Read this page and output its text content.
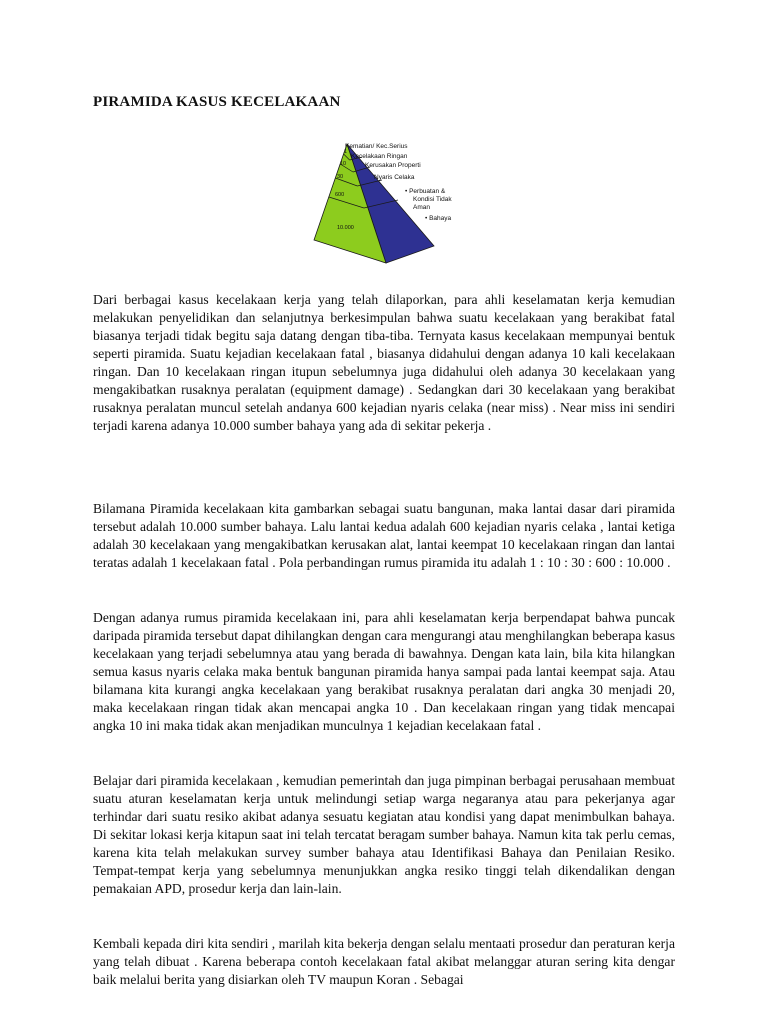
PIRAMIDA KASUS KECELAKAAN
1
10
30
600
10.000
Kematian/ Kec.Serius
Kecelakaan Ringan
Kerusakan Properti
Nyaris Celaka
• Perbuatan &
Kondisi Tidak
Aman
• Bahaya

Dari berbagai kasus kecelakaan kerja yang telah dilaporkan, para ahli keselamatan kerja kemudian melakukan penyelidikan dan selanjutnya berkesimpulan bahwa suatu kecelakaan yang berakibat fatal biasanya terjadi tidak begitu saja datang dengan tiba-tiba. Ternyata kasus kecelakaan mempunyai bentuk seperti piramida. Suatu kejadian kecelakaan fatal , biasanya didahului dengan adanya 10 kali kecelakaan ringan. Dan 10 kecelakaan ringan itupun sebelumnya juga didahului oleh adanya 30 kecelakaan yang mengakibatkan rusaknya peralatan (equipment damage) . Sedangkan dari 30 kecelakaan yang berakibat rusaknya peralatan muncul setelah andanya 600 kejadian nyaris celaka (near miss) . Near miss ini sendiri terjadi karena adanya 10.000 sumber bahaya yang ada di sekitar pekerja .

Bilamana Piramida kecelakaan kita gambarkan sebagai suatu bangunan, maka lantai dasar dari piramida tersebut adalah 10.000 sumber bahaya. Lalu lantai kedua adalah 600 kejadian nyaris celaka , lantai ketiga adalah 30 kecelakaan yang mengakibatkan kerusakan alat, lantai keempat 10 kecelakaan ringan dan lantai teratas adalah 1 kecelakaan fatal . Pola perbandingan rumus piramida itu adalah 1 : 10 : 30 : 600 : 10.000 .

Dengan adanya rumus piramida kecelakaan ini, para ahli keselamatan kerja berpendapat bahwa puncak daripada piramida tersebut dapat dihilangkan dengan cara mengurangi atau menghilangkan beberapa kasus kecelakaan yang terjadi sebelumnya atau yang berada di bawahnya. Dengan kata lain, bila kita hilangkan semua kasus nyaris celaka maka bentuk bangunan piramida hanya sampai pada lantai keempat saja. Atau bilamana kita kurangi angka kecelakaan yang berakibat rusaknya peralatan dari angka 30 menjadi 20, maka kecelakaan ringan tidak akan mencapai angka 10 . Dan kecelakaan ringan yang tidak mencapai angka 10 ini maka tidak akan menjadikan munculnya 1 kejadian kecelakaan fatal .

Belajar dari piramida kecelakaan , kemudian pemerintah dan juga pimpinan berbagai perusahaan membuat suatu aturan keselamatan kerja untuk melindungi setiap warga negaranya atau para pekerjanya agar terhindar dari suatu resiko akibat adanya sesuatu kegiatan atau kondisi yang dapat menimbulkan bahaya. Di sekitar lokasi kerja kitapun saat ini telah tercatat beragam sumber bahaya. Namun kita tak perlu cemas, karena kita telah melakukan survey sumber bahaya atau Identifikasi Bahaya dan Penilaian Resiko. Tempat-tempat kerja yang sebelumnya menunjukkan angka resiko tinggi telah dikendalikan dengan pemakaian APD, prosedur kerja dan lain-lain.

Kembali kepada diri kita sendiri , marilah kita bekerja dengan selalu mentaati prosedur dan peraturan kerja yang telah dibuat . Karena beberapa contoh kecelakaan fatal akibat melanggar aturan sering kita dengar baik melalui berita yang disiarkan oleh TV maupun Koran . Sebagai
